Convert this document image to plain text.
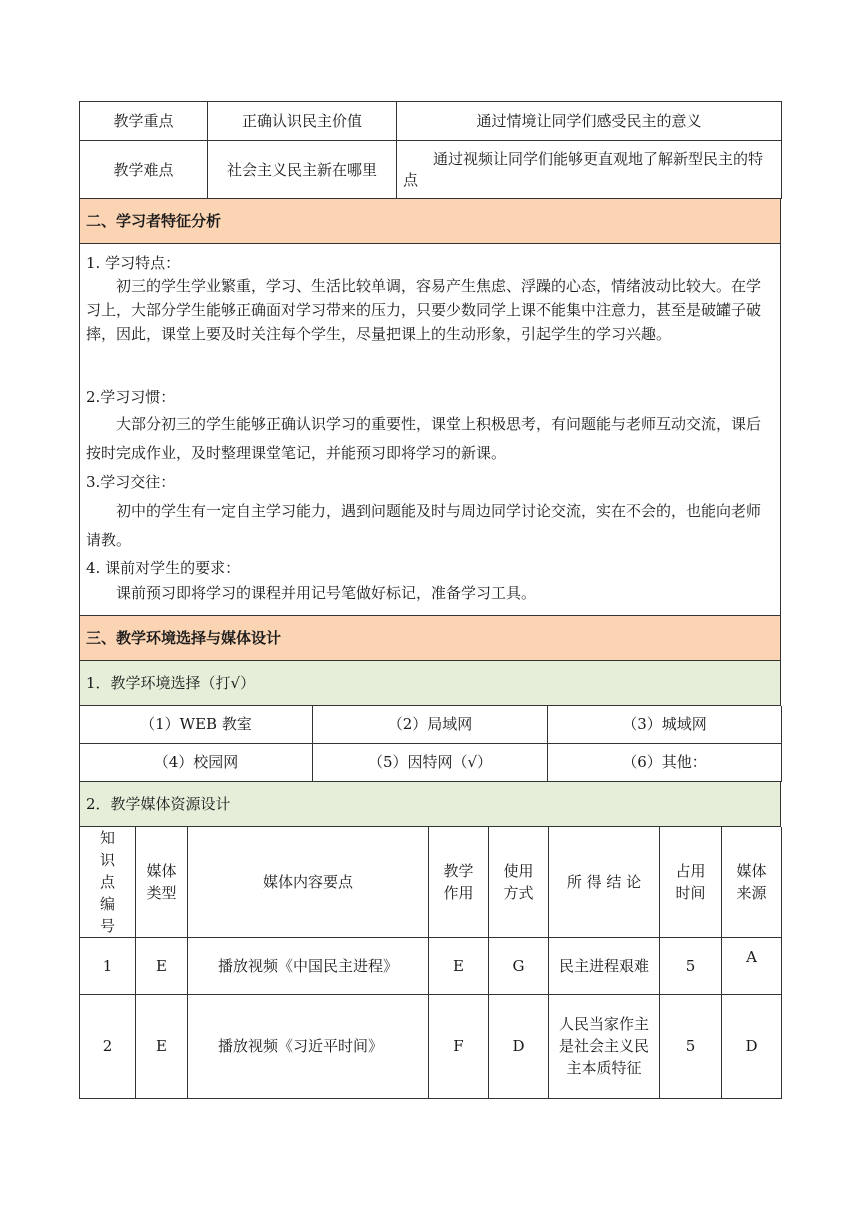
教学重点	正确认识民主价值	通过情境让同学们感受民主的意义
教学难点	社会主义民主新在哪里	通过视频让同学们能够更直观地了解新型民主的特点
二、学习者特征分析

1. 学习特点：

初三的学生学业繁重，学习、生活比较单调，容易产生焦虑、浮躁的心态，情绪波动比较大。在学习上，大部分学生能够正确面对学习带来的压力，只要少数同学上课不能集中注意力，甚至是破罐子破摔，因此，课堂上要及时关注每个学生，尽量把课上的生动形象，引起学生的学习兴趣。

2.学习习惯：

大部分初三的学生能够正确认识学习的重要性，课堂上积极思考，有问题能与老师互动交流，课后按时完成作业，及时整理课堂笔记，并能预习即将学习的新课。

3.学习交往：

初中的学生有一定自主学习能力，遇到问题能及时与周边同学讨论交流，实在不会的，也能向老师请教。

4. 课前对学生的要求：

课前预习即将学习的课程并用记号笔做好标记，准备学习工具。

三、教学环境选择与媒体设计
1．教学环境选择（打√）
（1）WEB 教室	（2）局域网	（3）城域网
（4）校园网	（5）因特网（√）	（6）其他：
2．教学媒体资源设计
知识点编号	媒体类型	媒体内容要点	教学作用	使用方式	所 得 结 论	占用时间	媒体来源
1	E	播放视频《中国民主进程》	E	G	民主进程艰难	5	A
2	E	播放视频《习近平时间》	F	D	人民当家作主是社会主义民主本质特征	5	D
